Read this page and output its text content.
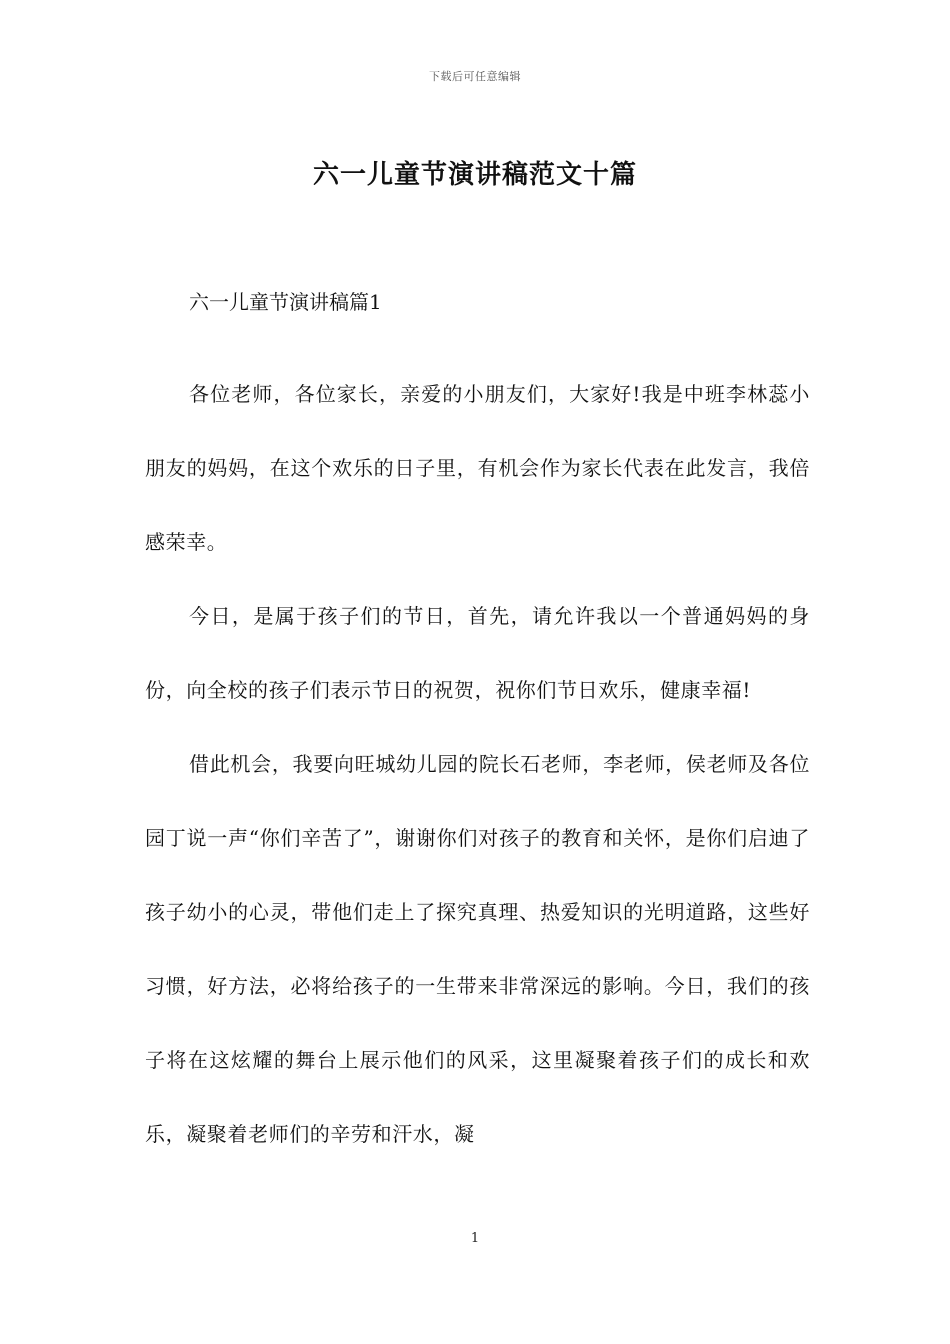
下载后可任意编辑
六一儿童节演讲稿范文十篇

六一儿童节演讲稿篇1

各位老师，各位家长，亲爱的小朋友们，大家好!我是中班李林蕊小朋友的妈妈，在这个欢乐的日子里，有机会作为家长代表在此发言，我倍感荣幸。

今日，是属于孩子们的节日，首先，请允许我以一个普通妈妈的身份，向全校的孩子们表示节日的祝贺，祝你们节日欢乐，健康幸福!

借此机会，我要向旺城幼儿园的院长石老师，李老师，侯老师及各位园丁说一声“你们辛苦了”，谢谢你们对孩子的教育和关怀，是你们启迪了孩子幼小的心灵，带他们走上了探究真理、热爱知识的光明道路，这些好习惯，好方法，必将给孩子的一生带来非常深远的影响。今日，我们的孩子将在这炫耀的舞台上展示他们的风采，这里凝聚着孩子们的成长和欢乐，凝聚着老师们的辛劳和汗水，凝

1
